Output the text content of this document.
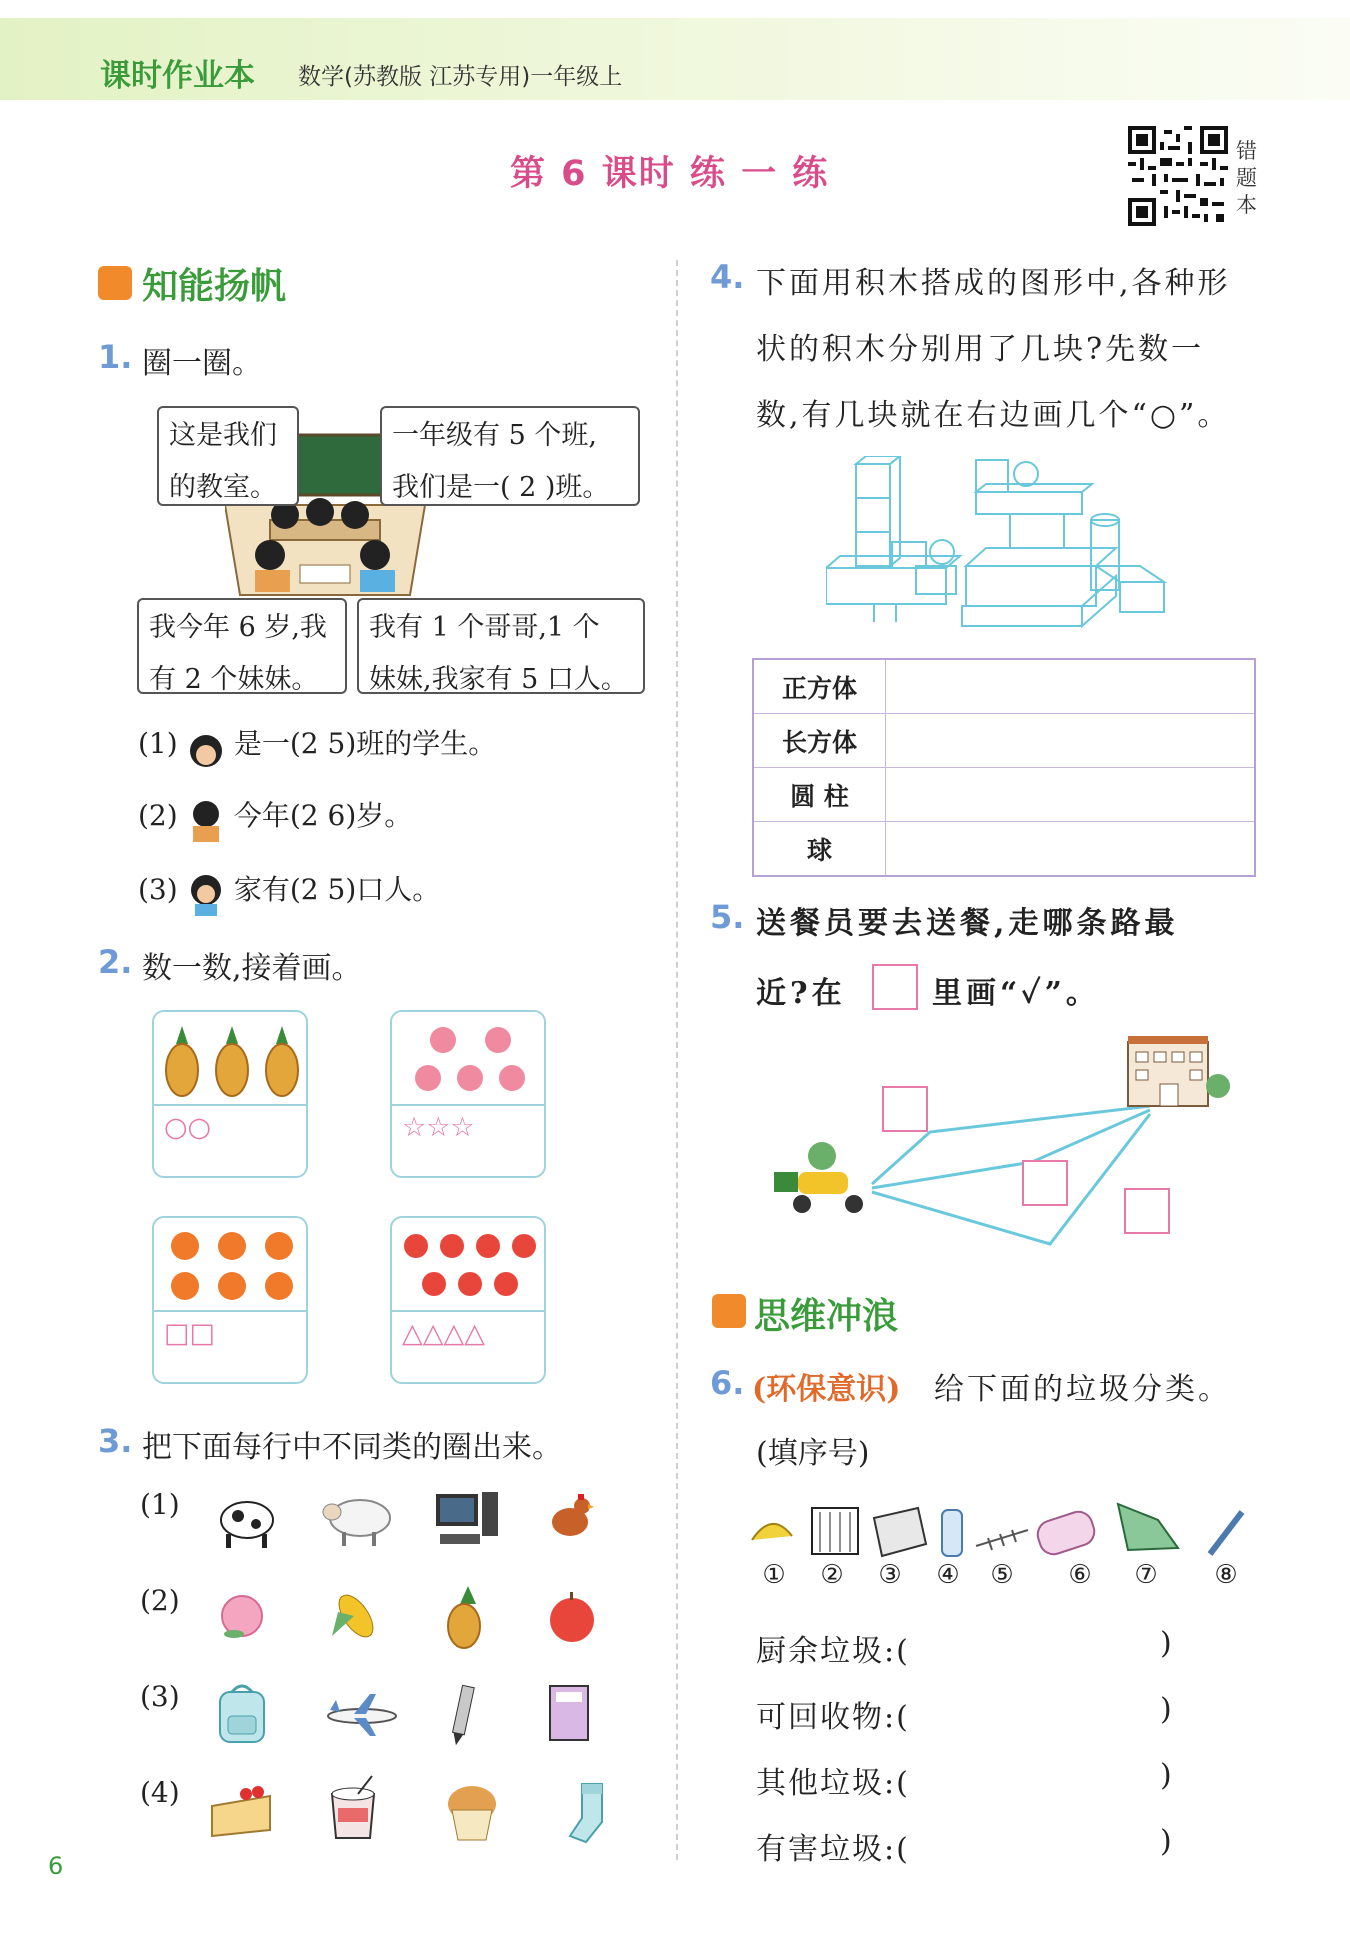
课时作业本 数学(苏教版 江苏专用)一年级上
第 6 课时 练 一 练
错题本
知能扬帆
1. 圈一圈。
这是我们
的教室。
一年级有 5 个班,
我们是一( 2 )班。
我今年 6 岁,我
有 2 个妹妹。
我有 1 个哥哥,1 个
妹妹,我家有 5 口人。
(1) 是一(2 5)班的学生。
(2) 今年(2 6)岁。
(3) 家有(2 5)口人。
2. 数一数,接着画。
○○	☆☆☆
□□	△△△△
3. 把下面每行中不同类的圈出来。
(1)
(2)
(3)
(4)
4. 下面用积木搭成的图形中,各种形
状的积木分别用了几块?先数一
数,有几块就在右边画几个“○”。
正方体	
长方体	
圆 柱	
球	
5. 送餐员要去送餐,走哪条路最
近?在	里画“✓”。
思维冲浪
6. (环保意识) 给下面的垃圾分类。
(填序号)
①	②	③	④	⑤	⑥	⑦	⑧
厨余垃圾:(	)
可回收物:(	)
其他垃圾:(	)
有害垃圾:(	)
6
